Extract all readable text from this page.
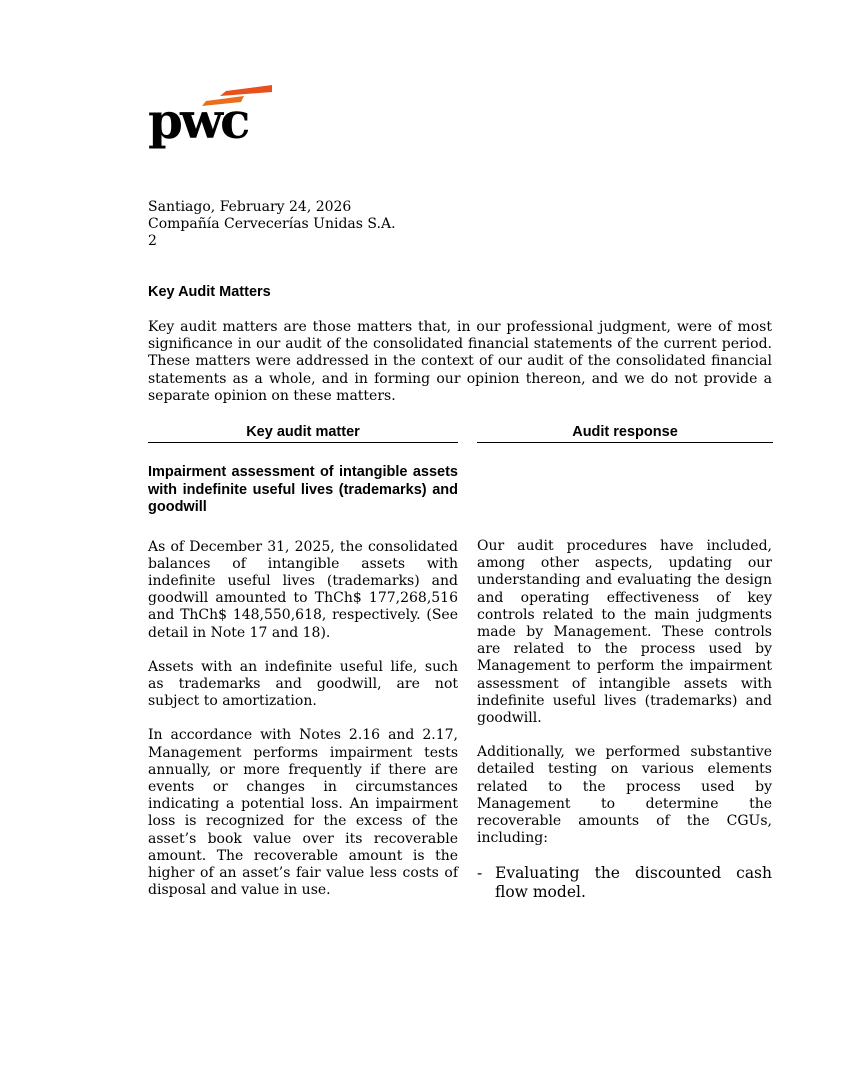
pwc
Santiago, February 24, 2026
Compañía Cervecerías Unidas S.A.
2
Key Audit Matters

Key audit matters are those matters that, in our professional judgment, were of most significance in our audit of the consolidated financial statements of the current period. These matters were addressed in the context of our audit of the consolidated financial statements as a whole, and in forming our opinion thereon, and we do not provide a separate opinion on these matters.

Key audit matter	Audit response

Impairment assessment of intangible assets with indefinite useful lives (trademarks) and goodwill

As of December 31, 2025, the consolidated balances of intangible assets with indefinite useful lives (trademarks) and goodwill amounted to ThCh$ 177,268,516 and ThCh$ 148,550,618, respectively. (See detail in Note 17 and 18).

Assets with an indefinite useful life, such as trademarks and goodwill, are not subject to amortization.

In accordance with Notes 2.16 and 2.17, Management performs impairment tests annually, or more frequently if there are events or changes in circumstances indicating a potential loss. An impairment loss is recognized for the excess of the asset’s book value over its recoverable amount. The recoverable amount is the higher of an asset’s fair value less costs of disposal and value in use.

Our audit procedures have included, among other aspects, updating our understanding and evaluating the design and operating effectiveness of key controls related to the main judgments made by Management. These controls are related to the process used by Management to perform the impairment assessment of intangible assets with indefinite useful lives (trademarks) and goodwill.

Additionally, we performed substantive detailed testing on various elements related to the process used by Management to determine the recoverable amounts of the CGUs, including:

- Evaluating the discounted cash flow model.
